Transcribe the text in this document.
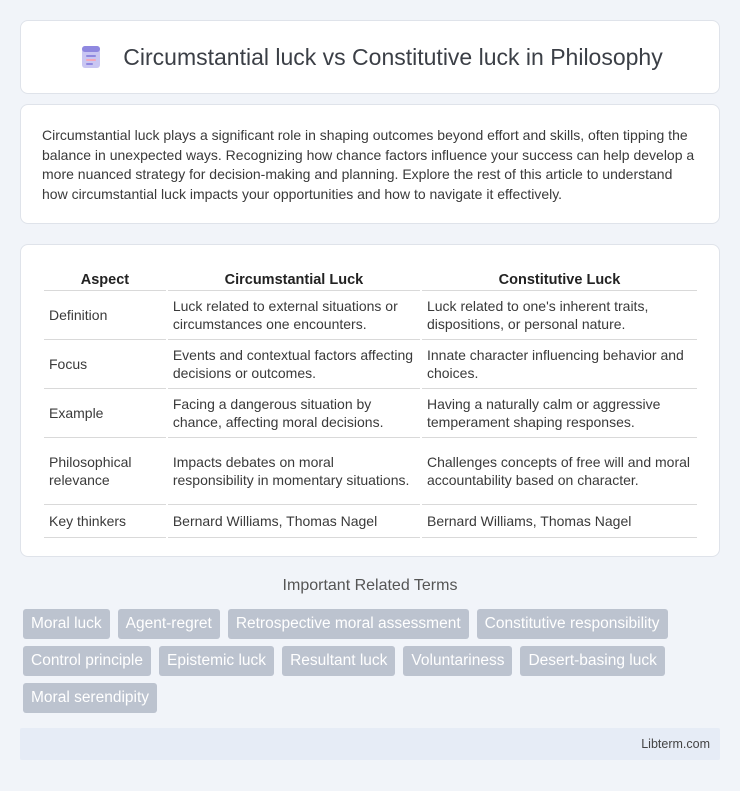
Circumstantial luck vs Constitutive luck in Philosophy

Circumstantial luck plays a significant role in shaping outcomes beyond effort and skills, often tipping the balance in unexpected ways. Recognizing how chance factors influence your success can help develop a more nuanced strategy for decision-making and planning. Explore the rest of this article to understand how circumstantial luck impacts your opportunities and how to navigate it effectively.

Aspect	Circumstantial Luck	Constitutive Luck
Definition	Luck related to external situations or circumstances one encounters.	Luck related to one's inherent traits, dispositions, or personal nature.
Focus	Events and contextual factors affecting decisions or outcomes.	Innate character influencing behavior and choices.
Example	Facing a dangerous situation by chance, affecting moral decisions.	Having a naturally calm or aggressive temperament shaping responses.
Philosophical relevance	Impacts debates on moral responsibility in momentary situations.	Challenges concepts of free will and moral accountability based on character.
Key thinkers	Bernard Williams, Thomas Nagel	Bernard Williams, Thomas Nagel
Important Related Terms
Moral luck	Agent-regret	Retrospective moral assessment	Constitutive responsibility
Control principle	Epistemic luck	Resultant luck	Voluntariness	Desert-basing luck
Moral serendipity
Libterm.com
